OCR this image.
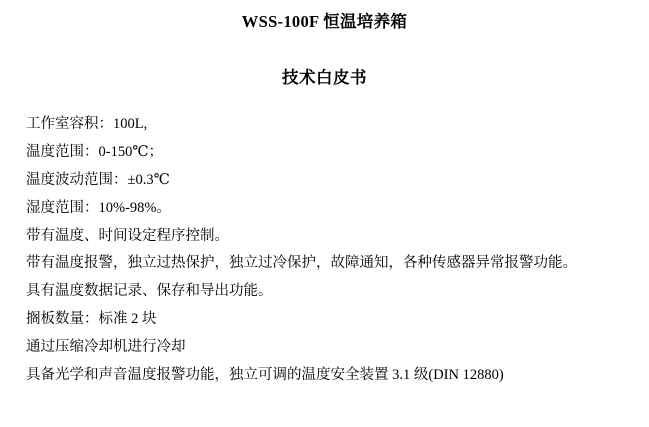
WSS-100F 恒温培养箱
技术白皮书
工作室容积：100L,
温度范围：0-150℃；
温度波动范围：±0.3℃
湿度范围：10%-98%。
带有温度、时间设定程序控制。
带有温度报警，独立过热保护，独立过冷保护，故障通知，各种传感器异常报警功能。
具有温度数据记录、保存和导出功能。
搁板数量：标准 2 块
通过压缩冷却机进行冷却
具备光学和声音温度报警功能，独立可调的温度安全装置 3.1 级(DIN 12880)
